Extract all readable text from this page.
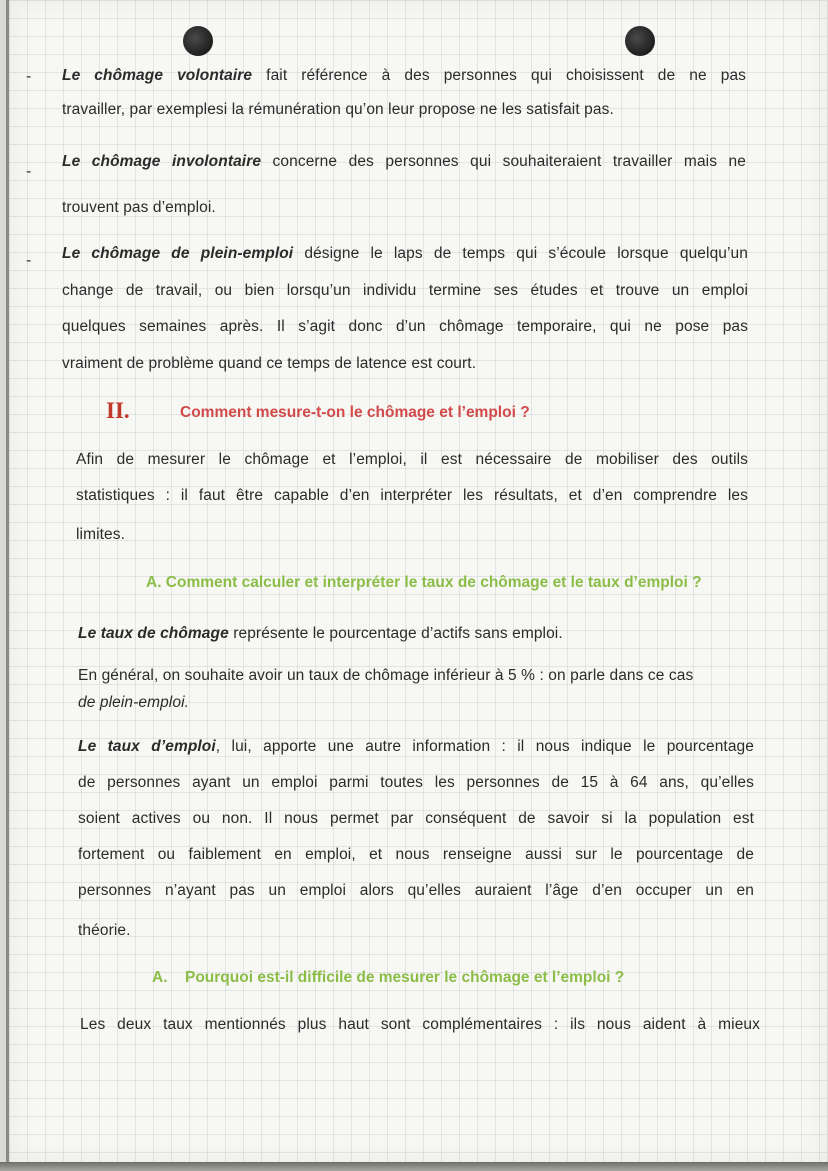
- Le chômage volontaire fait référence à des personnes qui choisissent de ne pas
travailler, par exemplesi la rémunération qu’on leur propose ne les satisfait pas.
-
Le chômage involontaire concerne des personnes qui souhaiteraient travailler mais ne
trouvent pas d’emploi.
- Le chômage de plein-emploi désigne le laps de temps qui s’écoule lorsque quelqu’un
change de travail, ou bien lorsqu’un individu termine ses études et trouve un emploi
quelques semaines après. Il s’agit donc d’un chômage temporaire, qui ne pose pas
vraiment de problème quand ce temps de latence est court.
II.	Comment mesure-t-on le chômage et l’emploi ?
Afin de mesurer le chômage et l’emploi, il est nécessaire de mobiliser des outils
statistiques : il faut être capable d’en interpréter les résultats, et d’en comprendre les
limites.
A. Comment calculer et interpréter le taux de chômage et le taux d’emploi ?
Le taux de chômage représente le pourcentage d’actifs sans emploi.
En général, on souhaite avoir un taux de chômage inférieur à 5 % : on parle dans ce cas
de plein-emploi.
Le taux d’emploi, lui, apporte une autre information : il nous indique le pourcentage
de personnes ayant un emploi parmi toutes les personnes de 15 à 64 ans, qu’elles
soient actives ou non. Il nous permet par conséquent de savoir si la population est
fortement ou faiblement en emploi, et nous renseigne aussi sur le pourcentage de
personnes n’ayant pas un emploi alors qu’elles auraient l’âge d’en occuper un en
théorie.
A. Pourquoi est-il difficile de mesurer le chômage et l’emploi ?
Les deux taux mentionnés plus haut sont complémentaires : ils nous aident à mieux
